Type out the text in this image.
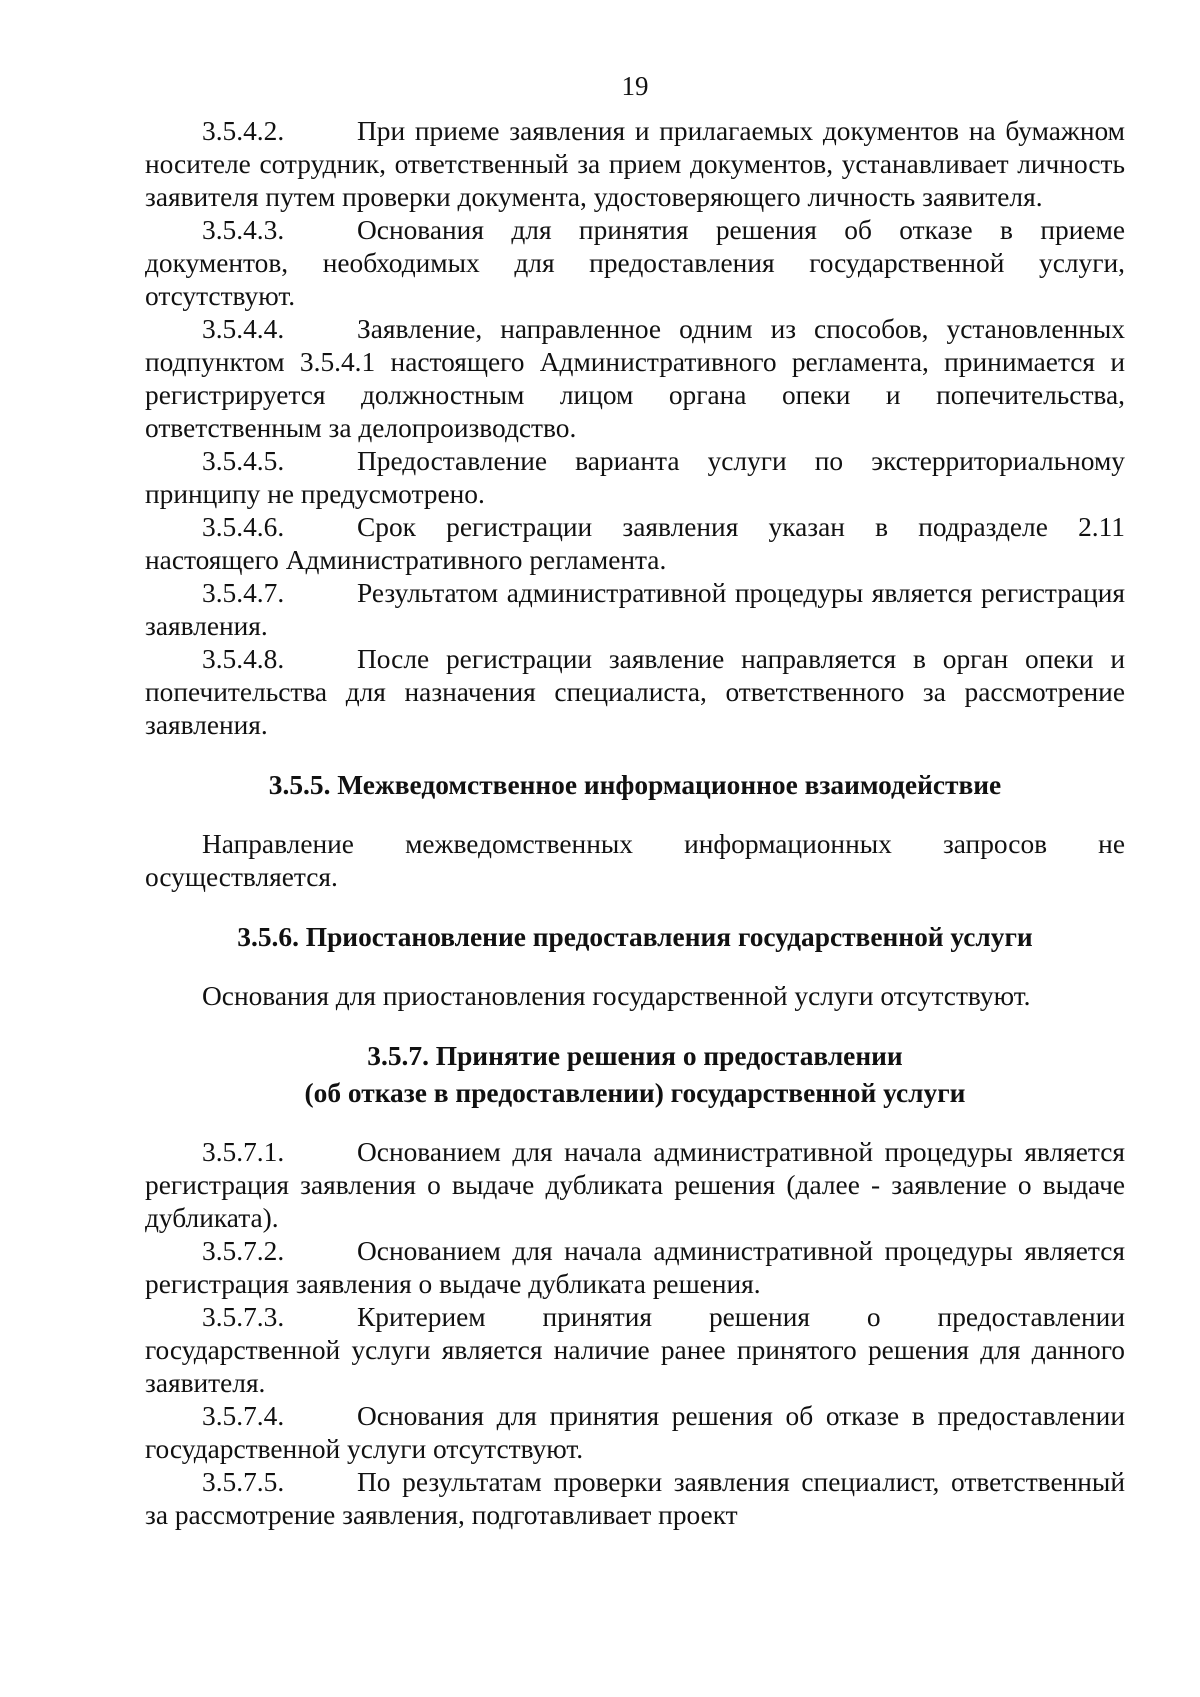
19

3.5.4.2.	При приеме заявления и прилагаемых документов на бумажном носителе сотрудник, ответственный за прием документов, устанавливает личность заявителя путем проверки документа, удостоверяющего личность заявителя.

3.5.4.3.	Основания для принятия решения об отказе в приеме документов, необходимых для предоставления государственной услуги, отсутствуют.

3.5.4.4.	Заявление, направленное одним из способов, установленных подпунктом 3.5.4.1 настоящего Административного регламента, принимается и регистрируется должностным лицом органа опеки и попечительства, ответственным за делопроизводство.

3.5.4.5.	Предоставление варианта услуги по экстерриториальному принципу не предусмотрено.

3.5.4.6.	Срок регистрации заявления указан в подразделе 2.11 настоящего Административного регламента.

3.5.4.7.	Результатом административной процедуры является регистрация заявления.

3.5.4.8.	После регистрации заявление направляется в орган опеки и попечительства для назначения специалиста, ответственного за рассмотрение заявления.

3.5.5. Межведомственное информационное взаимодействие

Направление межведомственных информационных запросов не осуществляется.

3.5.6. Приостановление предоставления государственной услуги

Основания для приостановления государственной услуги отсутствуют.

3.5.7. Принятие решения о предоставлении
(об отказе в предоставлении) государственной услуги

3.5.7.1.	Основанием для начала административной процедуры является регистрация заявления о выдаче дубликата решения (далее - заявление о выдаче дубликата).

3.5.7.2.	Основанием для начала административной процедуры является регистрация заявления о выдаче дубликата решения.

3.5.7.3.	Критерием принятия решения о предоставлении государственной услуги является наличие ранее принятого решения для данного заявителя.

3.5.7.4.	Основания для принятия решения об отказе в предоставлении государственной услуги отсутствуют.

3.5.7.5.	По результатам проверки заявления специалист, ответственный за рассмотрение заявления, подготавливает проект
